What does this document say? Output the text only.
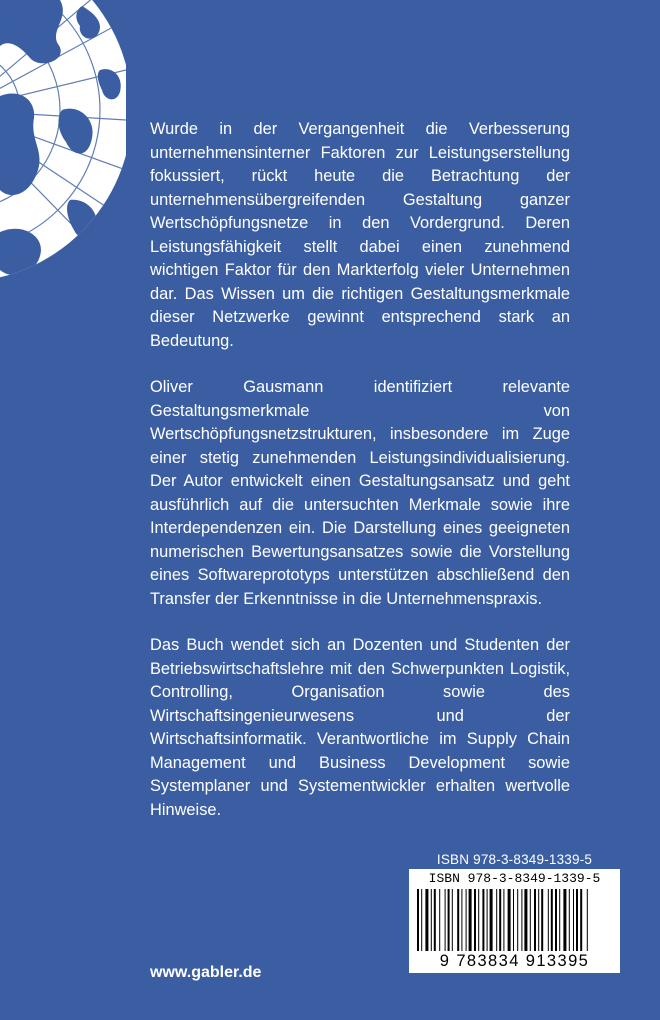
Wurde in der Vergangenheit die Verbesserung unternehmensinterner Faktoren zur Leistungserstellung fokussiert, rückt heute die Betrachtung der unternehmensübergreifenden Gestaltung ganzer Wertschöpfungsnetze in den Vordergrund. Deren Leistungsfähigkeit stellt dabei einen zunehmend wichtigen Faktor für den Markterfolg vieler Unternehmen dar. Das Wissen um die richtigen Gestaltungsmerkmale dieser Netzwerke gewinnt entsprechend stark an Bedeutung.

Oliver Gausmann identifiziert relevante Gestaltungsmerkmale von Wertschöpfungsnetzstrukturen, insbesondere im Zuge einer stetig zunehmenden Leistungsindividualisierung. Der Autor entwickelt einen Gestaltungsansatz und geht ausführlich auf die untersuchten Merkmale sowie ihre Interdependenzen ein. Die Darstellung eines geeigneten numerischen Bewertungsansatzes sowie die Vorstellung eines Softwareprototyps unterstützen abschließend den Transfer der Erkenntnisse in die Unternehmenspraxis.

Das Buch wendet sich an Dozenten und Studenten der Betriebswirtschaftslehre mit den Schwerpunkten Logistik, Controlling, Organisation sowie des Wirtschaftsingenieurwesens und der Wirtschaftsinformatik. Verantwortliche im Supply Chain Management und Business Development sowie Systemplaner und Systementwickler erhalten wertvolle Hinweise.

ISBN 978-3-8349-1339-5
ISBN 978-3-8349-1339-5
9 783834 913395
www.gabler.de
